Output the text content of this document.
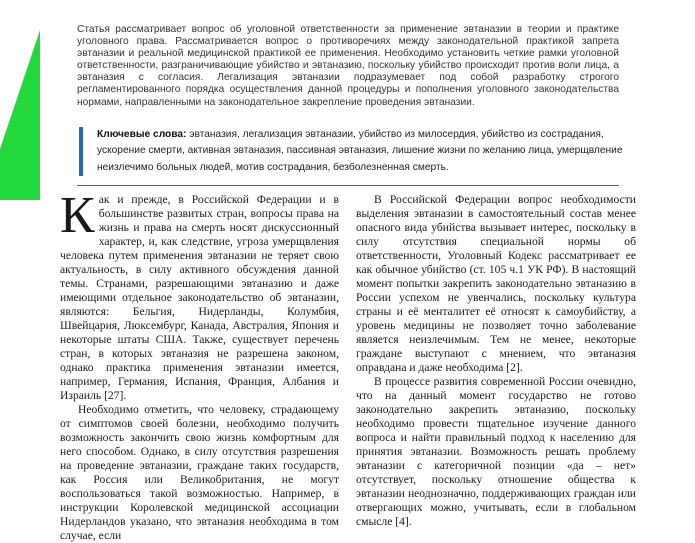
Статья рассматривает вопрос об уголовной ответственности за применение эвтаназии в теории и практике уголовного права. Рассматривается вопрос о противоречиях между законодательной практикой запрета эвтаназии и реальной медицинской практикой ее применения. Необходимо установить четкие рамки уголовной ответственности, разграничивающие убийство и эвтаназию, поскольку убийство происходит против воли лица, а эвтаназия с согласия. Легализация эвтаназии подразумевает под собой разработку строгого регламентированного порядка осуществления данной процедуры и пополнения уголовного законодательства нормами, направленными на законодательное закрепление проведения эвтаназии.
Ключевые слова: эвтаназия, легализация эвтаназии, убийство из милосердия, убийство из сострадания, ускорение смерти, активная эвтаназия, пассивная эвтаназия, лишение жизни по желанию лица, умерщвление неизлечимо больных людей, мотив сострадания, безболезненная смерть.

Как и прежде, в Российской Федерации и в большинстве развитых стран, вопросы права на жизнь и права на смерть носят дискуссионный характер, и, как следствие, угроза умерщвления человека путем применения эвтаназии не теряет свою актуальность, в силу активного обсуждения данной темы. Странами, разрешающими эвтаназию и даже имеющими отдельное законодательство об эвтаназии, являются: Бельгия, Нидерланды, Колумбия, Швейцария, Люксембург, Канада, Австралия, Япония и некоторые штаты США. Также, существует перечень стран, в которых эвтаназия не разрешена законом, однако практика применения эвтаназии имеется, например, Германия, Испания, Франция, Албания и Израиль [27].

Необходимо отметить, что человеку, страдающему от симптомов своей болезни, необходимо получить возможность закончить свою жизнь комфортным для него способом. Однако, в силу отсутствия разрешения на проведение эвтаназии, граждане таких государств, как Россия или Великобритания, не могут воспользоваться такой возможностью. Например, в инструкции Королевской медицинской ассоциации Нидерландов указано, что эвтаназия необходима в том случае, если

В Российской Федерации вопрос необходимости выделения эвтаназии в самостоятельный состав менее опасного вида убийства вызывает интерес, поскольку в силу отсутствия специальной нормы об ответственности, Уголовный Кодекс рассматривает ее как обычное убийство (ст. 105 ч.1 УК РФ). В настоящий момент попытки закрепить законодательно эвтаназию в России успехом не увенчались, поскольку культура страны и её менталитет её относят к самоубийству, а уровень медицины не позволяет точно заболевание является неизлечимым. Тем не менее, некоторые граждане выступают с мнением, что эвтаназия оправдана и даже необходима [2].

В процессе развития современной России очевидно, что на данный момент государство не готово законодательно закрепить эвтаназию, поскольку необходимо провести тщательное изучение данного вопроса и найти правильный подход к населению для принятия эвтаназии. Возможность решать проблему эвтаназии с категоричной позиции «да – нет» отсутствует, поскольку отношение общества к эвтаназии неоднозначно, поддерживающих граждан или отвергающих можно, учитывать, если в глобальном смысле [4].
